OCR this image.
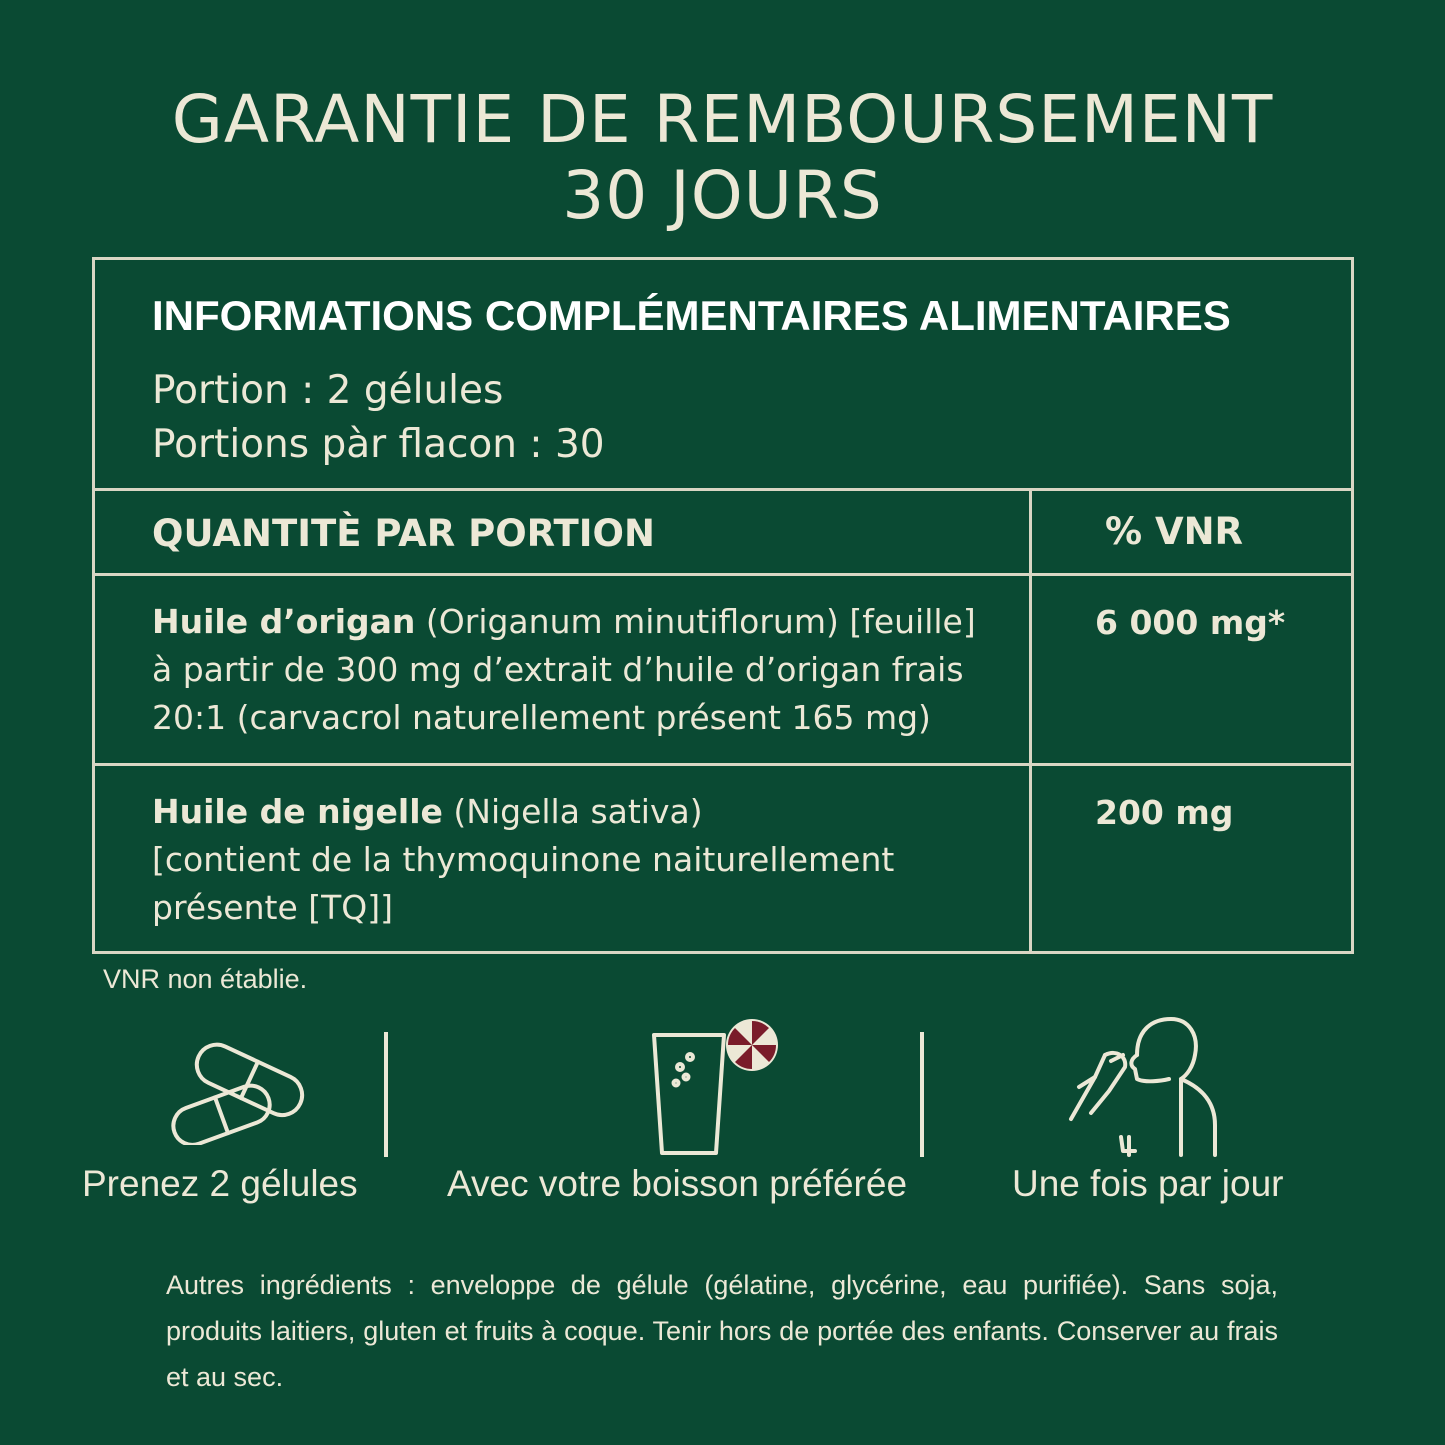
GARANTIE DE REMBOURSEMENT
30 JOURS
INFORMATIONS COMPLÉMENTAIRES ALIMENTAIRES
Portion : 2 gélules
Portions pàr flacon : 30
QUANTITÈ PAR PORTION	% VNR
Huile d’origan (Origanum minutiflorum) [feuille]
à partir de 300 mg d’extrait d’huile d’origan frais
20:1 (carvacrol naturellement présent 165 mg)
6 000 mg*
Huile de nigelle (Nigella sativa)
[contient de la thymoquinone naiturellement
présente [TQ]]
200 mg
VNR non établie.
Prenez 2 gélules Avec votre boisson préférée	Une fois par jour
Autres ingrédients : enveloppe de gélule (gélatine, glycérine, eau purifiée). Sans soja, produits laitiers, gluten et fruits à coque. Tenir hors de portée des enfants. Conserver au frais et au sec.
